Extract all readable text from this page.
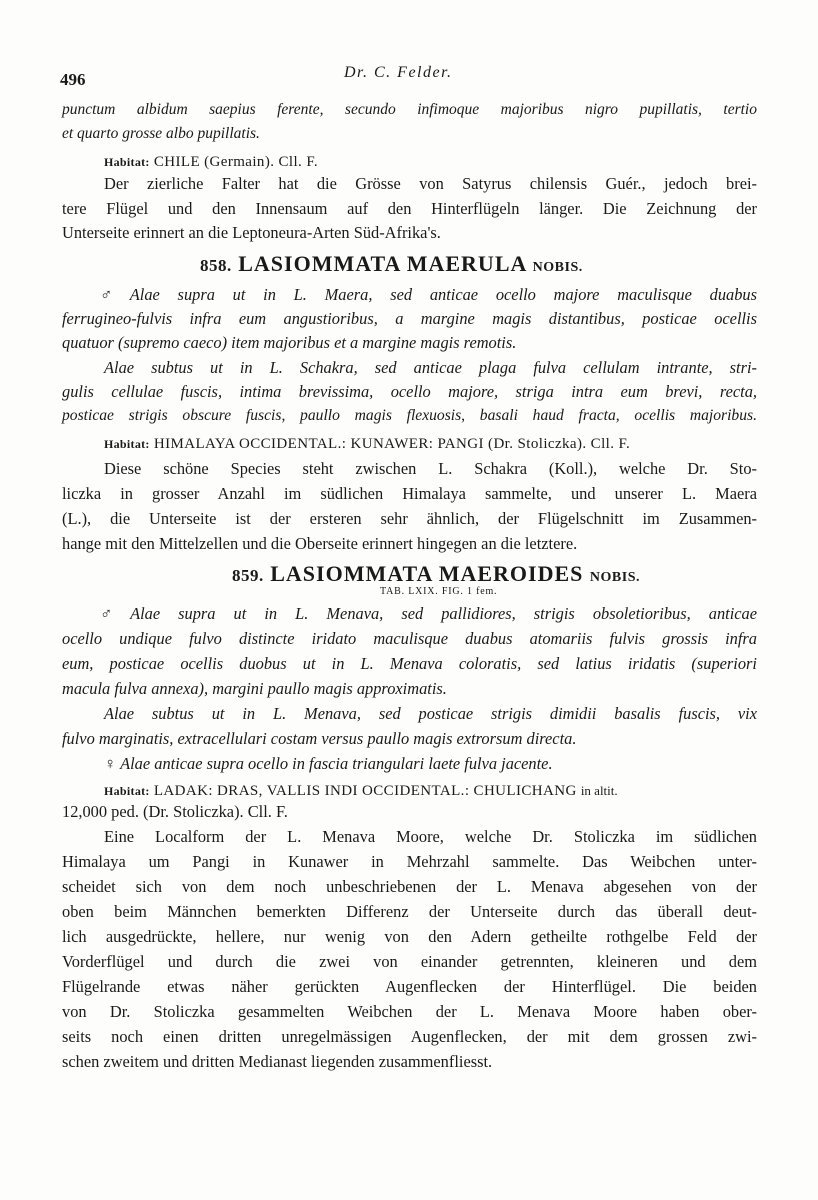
496	Dr. C. Felder.
punctum albidum saepius ferente, secundo infimoque majoribus nigro pupillatis, tertio
et quarto grosse albo pupillatis.
Habitat: CHILE (Germain). Cll. F.
Der zierliche Falter hat die Grösse von Satyrus chilensis Guér., jedoch brei-
tere Flügel und den Innensaum auf den Hinterflügeln länger. Die Zeichnung der
Unterseite erinnert an die Leptoneura-Arten Süd-Afrika's.
858. LASIOMMATA MAERULA NOBIS.
♂ Alae supra ut in L. Maera, sed anticae ocello majore maculisque duabus
ferrugineo-fulvis infra eum angustioribus, a margine magis distantibus, posticae ocellis
quatuor (supremo caeco) item majoribus et a margine magis remotis.
Alae subtus ut in L. Schakra, sed anticae plaga fulva cellulam intrante, stri-
gulis cellulae fuscis, intima brevissima, ocello majore, striga intra eum brevi, recta,
posticae strigis obscure fuscis, paullo magis flexuosis, basali haud fracta, ocellis majoribus.
Habitat: HIMALAYA OCCIDENTAL.: KUNAWER: PANGI (Dr. Stoliczka). Cll. F.
Diese schöne Species steht zwischen L. Schakra (Koll.), welche Dr. Sto-
liczka in grosser Anzahl im südlichen Himalaya sammelte, und unserer L. Maera
(L.), die Unterseite ist der ersteren sehr ähnlich, der Flügelschnitt im Zusammen-
hange mit den Mittelzellen und die Oberseite erinnert hingegen an die letztere.
859. LASIOMMATA MAEROIDES NOBIS.
TAB. LXIX. FIG. 1 fem.
♂ Alae supra ut in L. Menava, sed pallidiores, strigis obsoletioribus, anticae
ocello undique fulvo distincte iridato maculisque duabus atomariis fulvis grossis infra
eum, posticae ocellis duobus ut in L. Menava coloratis, sed latius iridatis (superiori
macula fulva annexa), margini paullo magis approximatis.
Alae subtus ut in L. Menava, sed posticae strigis dimidii basalis fuscis, vix
fulvo marginatis, extracellulari costam versus paullo magis extrorsum directa.
♀ Alae anticae supra ocello in fascia triangulari laete fulva jacente.
Habitat: LADAK: DRAS, VALLIS INDI OCCIDENTAL.: CHULICHANG in altit.
12,000 ped. (Dr. Stoliczka). Cll. F.
Eine Localform der L. Menava Moore, welche Dr. Stoliczka im südlichen
Himalaya um Pangi in Kunawer in Mehrzahl sammelte. Das Weibchen unter-
scheidet sich von dem noch unbeschriebenen der L. Menava abgesehen von der
oben beim Männchen bemerkten Differenz der Unterseite durch das überall deut-
lich ausgedrückte, hellere, nur wenig von den Adern getheilte rothgelbe Feld der
Vorderflügel und durch die zwei von einander getrennten, kleineren und dem
Flügelrande etwas näher gerückten Augenflecken der Hinterflügel. Die beiden
von Dr. Stoliczka gesammelten Weibchen der L. Menava Moore haben ober-
seits noch einen dritten unregelmässigen Augenflecken, der mit dem grossen zwi-
schen zweitem und dritten Medianast liegenden zusammenfliesst.
